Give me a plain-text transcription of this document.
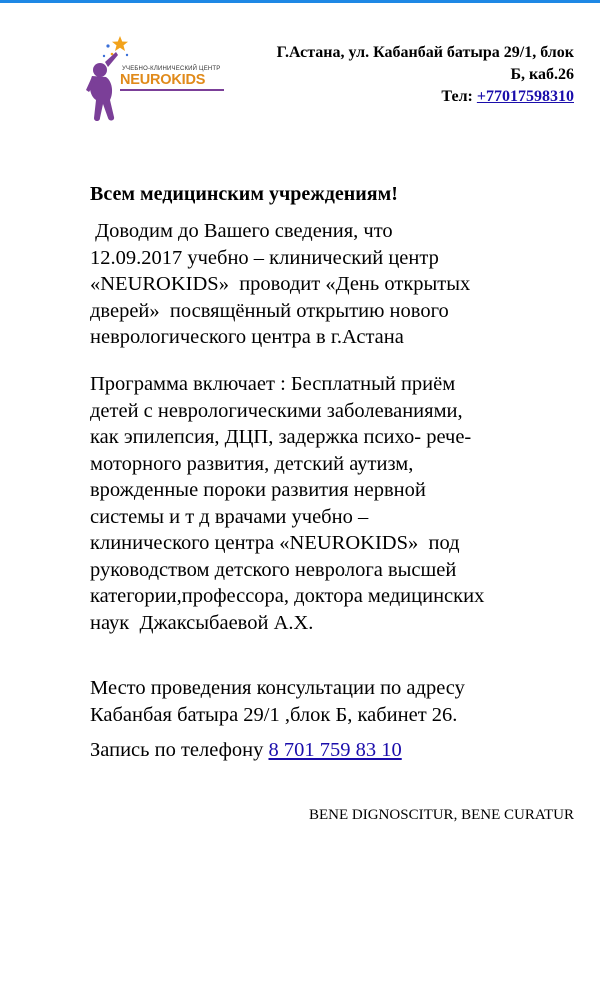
УЧЕБНО-КЛИНИЧЕСКИЙ ЦЕНТР
NEUROKIDS
Г.Астана, ул. Кабанбай батыра 29/1, блок
Б, каб.26
Тел: +77017598310
Всем медицинским учреждениям!
Доводим до Вашего сведения, что
12.09.2017 учебно – клинический центр
«NEUROKIDS»  проводит «День открытых
дверей»  посвящённый открытию нового
неврологического центра в г.Астана
Программа включает : Бесплатный приём
детей с неврологическими заболеваниями,
как эпилепсия, ДЦП, задержка психо- рече-
моторного развития, детский аутизм,
врожденные пороки развития нервной
системы и т д врачами учебно –
клинического центра «NEUROKIDS»  под
руководством детского невролога высшей
категории,профессора, доктора медицинских
наук  Джаксыбаевой А.Х.
Место проведения консультации по адресу
Кабанбая батыра 29/1 ,блок Б, кабинет 26.
Запись по телефону 8 701 759 83 10
BENE DIGNOSCITUR, BENE CURATUR
